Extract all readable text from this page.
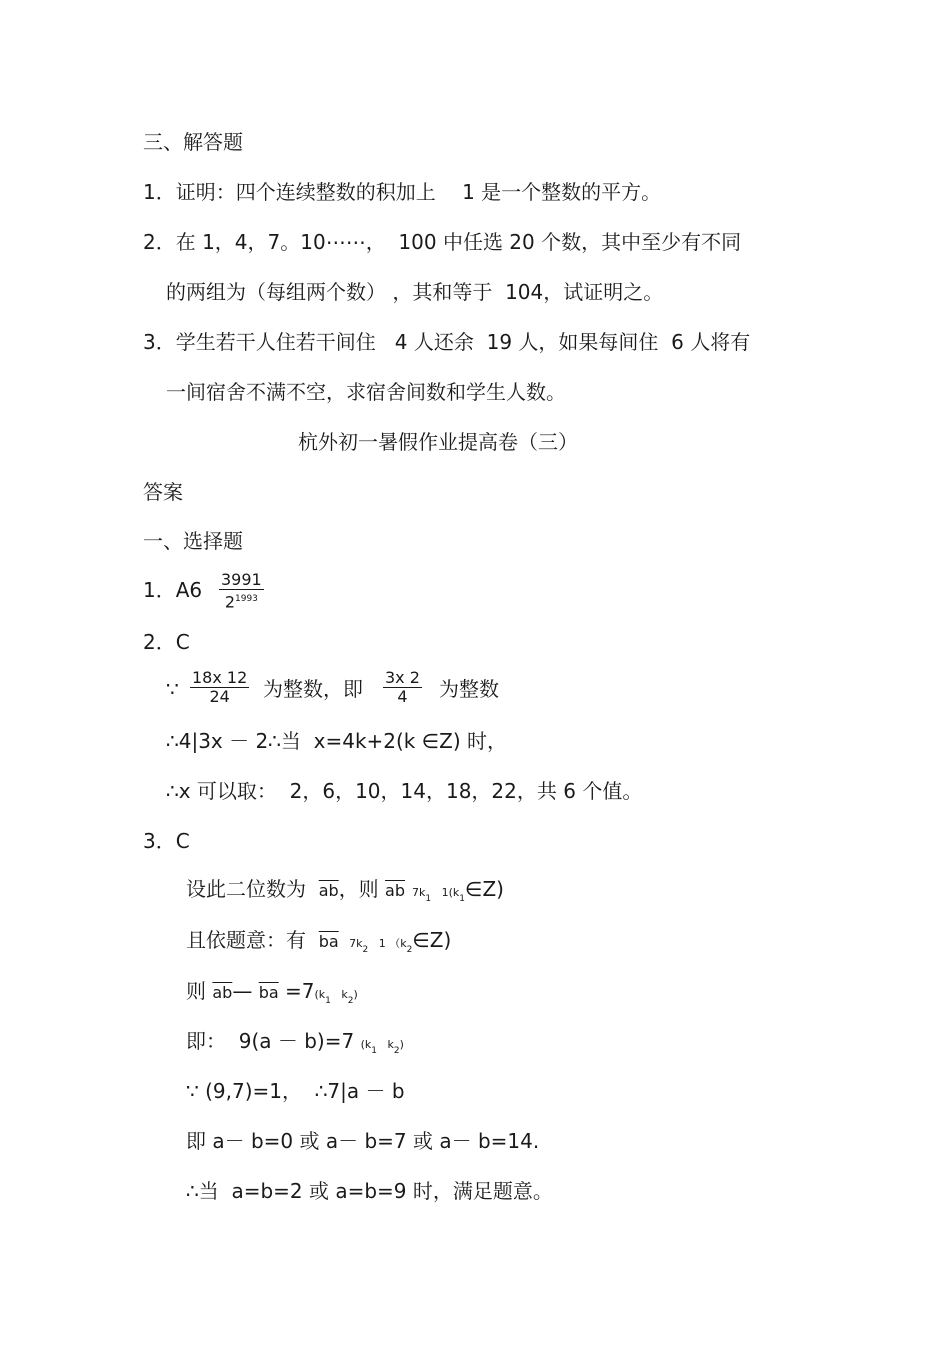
三、解答题
1．证明：四个连续整数的积加上　 1 是一个整数的平方。
2．在 1，4，7。10⋯⋯，  100 中任选 20 个数，其中至少有不同
的两组为（每组两个数） ，其和等于  104，试证明之。
3．学生若干人住若干间住   4 人还余  19 人，如果每间住  6 人将有
一间宿舍不满不空，求宿舍间数和学生人数。
杭外初一暑假作业提高卷（三）
答案
一、选择题
1．$A6 \frac{3991}{2^{1993}}$
2．C
∵ $\frac{18x 12}{24}$ 为整数，即 $\frac{3x 2}{4}$ 为整数
∴4|3x － 2∴当  x=4k+2(k ∈Z) 时，
∴x 可以取：  2，6，10，14，18，22，共 6 个值。
3．C
设此二位数为  $\overline{ab}$，则 $\overline{ab}$  $7k_1$   $1(k_1\in Z)$
且依题意：有  $\overline{ba}$   $7k_2$   1 $(k_2\in Z)$
则 $\overline{ab}—$ $\overline{ba} =7(k_1$   $k_2$)
即：  9(a － b)=7 ($k_1$   $k_2$)
∵ (9,7)=1，  ∴7|a － b
即 a－ b=0 或 a－ b=7 或 a－ b=14.
∴当  a=b=2 或 a=b=9 时，满足题意。
